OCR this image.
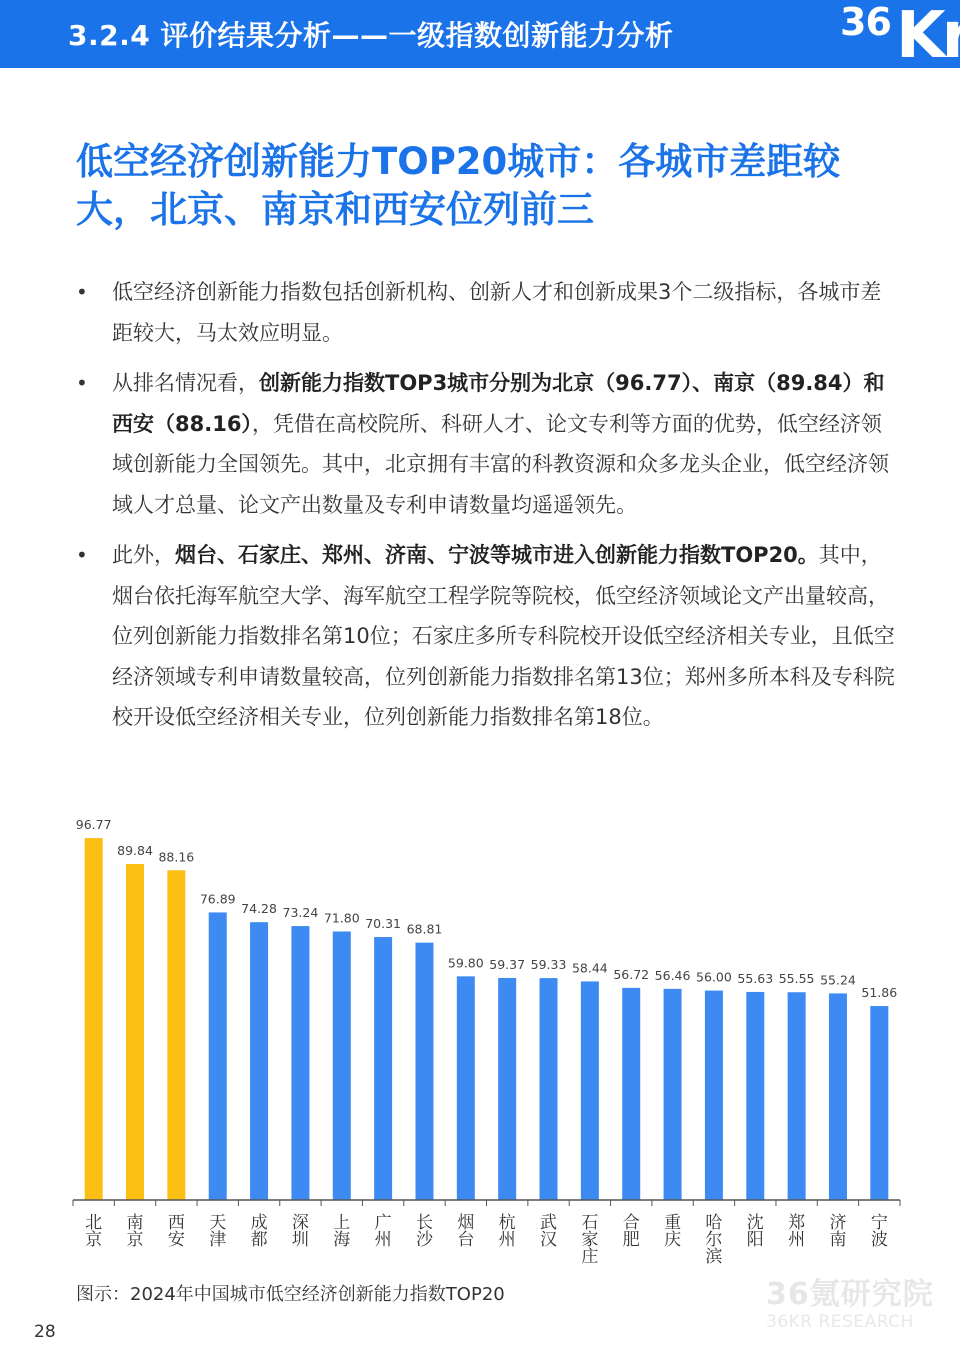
3.2.4 评价结果分析——一级指数创新能力分析	36 Kr
低空经济创新能力TOP20城市：各城市差距较大，北京、南京和西安位列前三
• 低空经济创新能力指数包括创新机构、创新人才和创新成果3个二级指标，各城市差距较大，马太效应明显。
• 从排名情况看，创新能力指数TOP3城市分别为北京（96.77）、南京（89.84）和西安（88.16），凭借在高校院所、科研人才、论文专利等方面的优势，低空经济领域创新能力全国领先。其中，北京拥有丰富的科教资源和众多龙头企业，低空经济领域人才总量、论文产出数量及专利申请数量均遥遥领先。
• 此外，烟台、石家庄、郑州、济南、宁波等城市进入创新能力指数TOP20。其中，烟台依托海军航空大学、海军航空工程学院等院校，低空经济领域论文产出量较高，位列创新能力指数排名第10位；石家庄多所专科院校开设低空经济相关专业，且低空经济领域专利申请数量较高，位列创新能力指数排名第13位；郑州多所本科及专科院校开设低空经济相关专业，位列创新能力指数排名第18位。
96.77
北京
89.84
南京
88.16
西安
76.89
天津
74.28
成都
73.24
深圳
71.80
上海
70.31
广州
68.81
长沙
59.80
烟台
59.37
杭州
59.33
武汉
58.44
石家庄
56.72
合肥
56.46
重庆
56.00
哈尔滨
55.63
沈阳
55.55
郑州
55.24
济南
51.86
宁波
图示：2024年中国城市低空经济创新能力指数TOP20	36氪研究院
36KR RESEARCH
28
